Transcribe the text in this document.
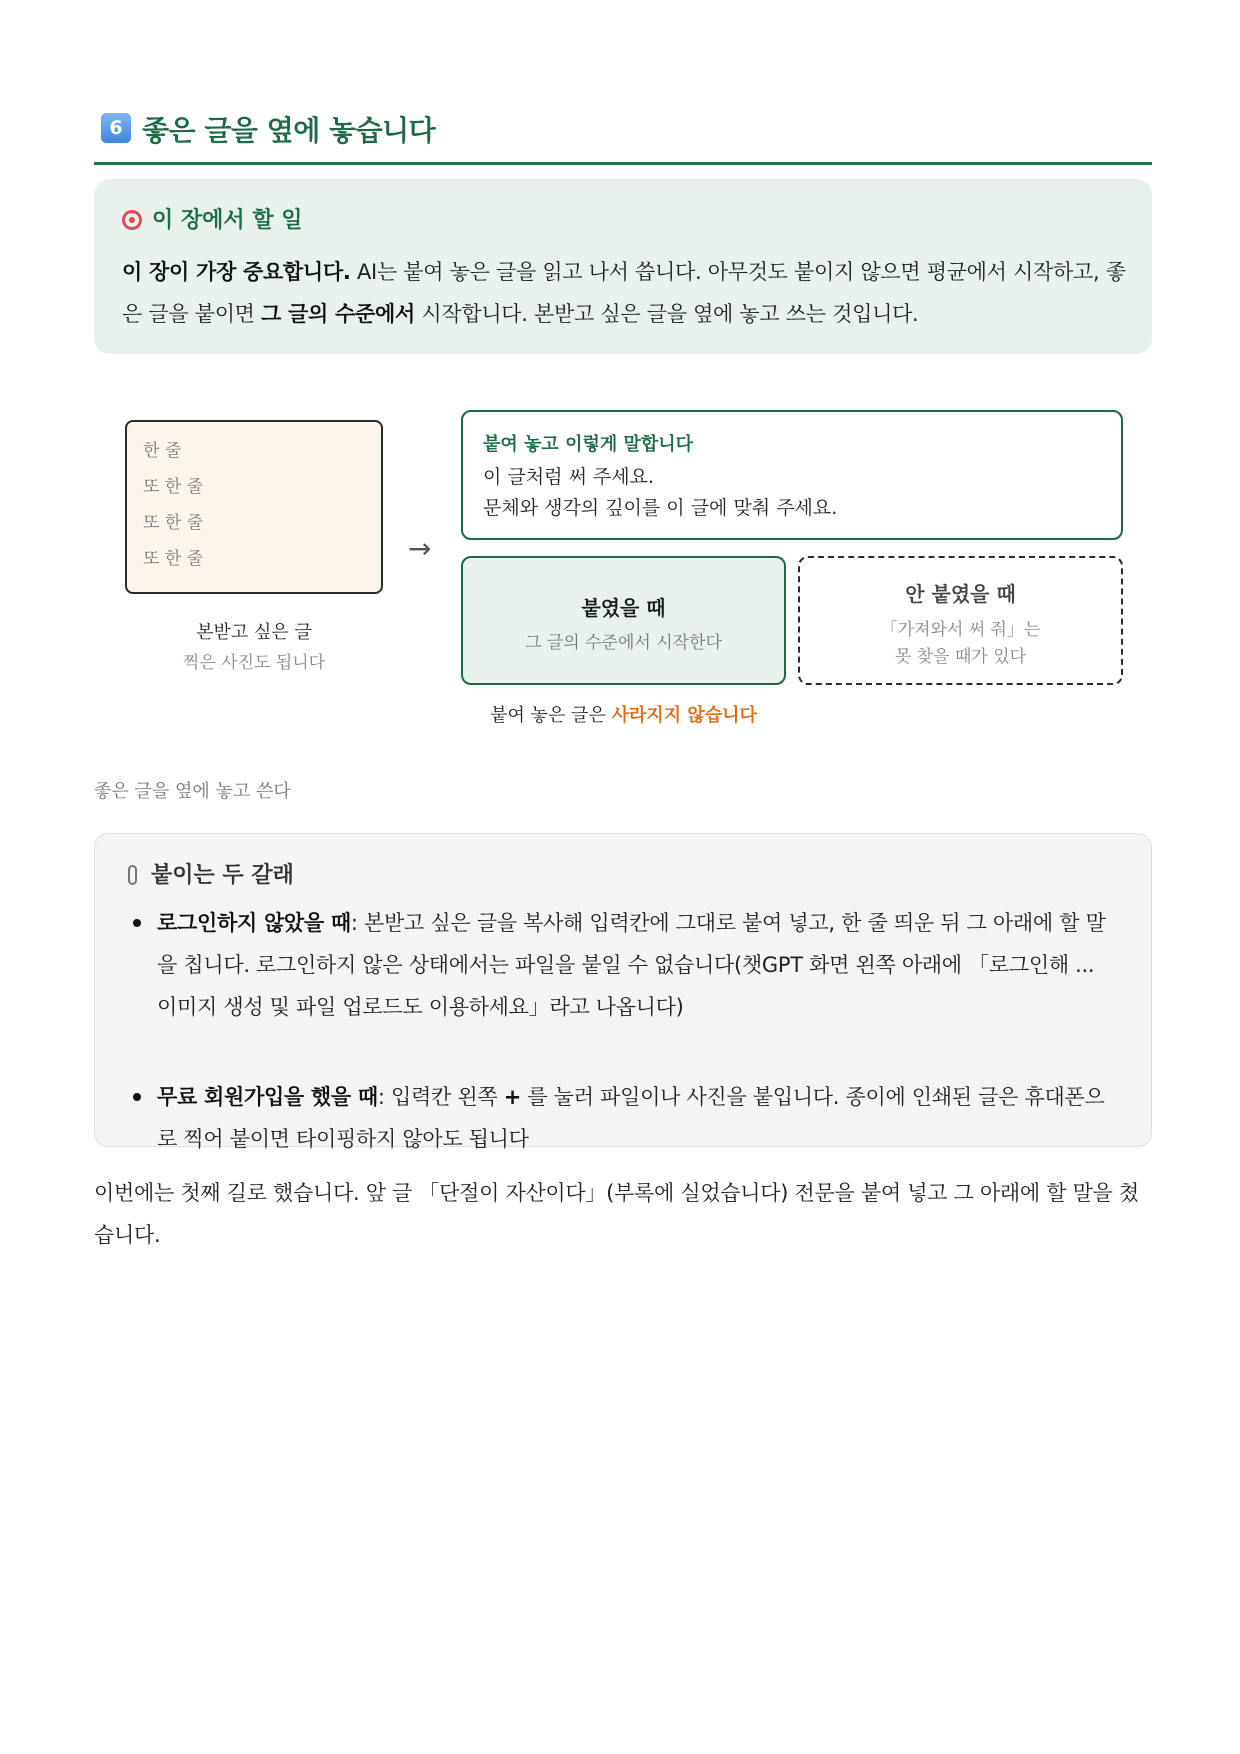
6 좋은 글을 옆에 놓습니다
이 장에서 할 일
이 장이 가장 중요합니다. AI는 붙여 놓은 글을 읽고 나서 씁니다. 아무것도 붙이지 않으면 평균에서 시작하고, 좋은 글을 붙이면 그 글의 수준에서 시작합니다. 본받고 싶은 글을 옆에 놓고 쓰는 것입니다.
한 줄
또 한 줄
또 한 줄
또 한 줄
본받고 싶은 글
찍은 사진도 됩니다
→
붙여 놓고 이렇게 말합니다
이 글처럼 써 주세요.
문체와 생각의 깊이를 이 글에 맞춰 주세요.
붙였을 때
그 글의 수준에서 시작한다
안 붙였을 때
「가져와서 써 줘」는
못 찾을 때가 있다
붙여 놓은 글은 사라지지 않습니다
좋은 글을 옆에 놓고 쓴다
붙이는 두 갈래
로그인하지 않았을 때: 본받고 싶은 글을 복사해 입력칸에 그대로 붙여 넣고, 한 줄 띄운 뒤 그 아래에 할 말을 칩니다. 로그인하지 않은 상태에서는 파일을 붙일 수 없습니다(챗GPT 화면 왼쪽 아래에 「로그인해 ... 이미지 생성 및 파일 업로드도 이용하세요」라고 나옵니다)
무료 회원가입을 했을 때: 입력칸 왼쪽 + 를 눌러 파일이나 사진을 붙입니다. 종이에 인쇄된 글은 휴대폰으로 찍어 붙이면 타이핑하지 않아도 됩니다
이번에는 첫째 길로 했습니다. 앞 글 「단절이 자산이다」(부록에 실었습니다) 전문을 붙여 넣고 그 아래에 할 말을 쳤습니다.
